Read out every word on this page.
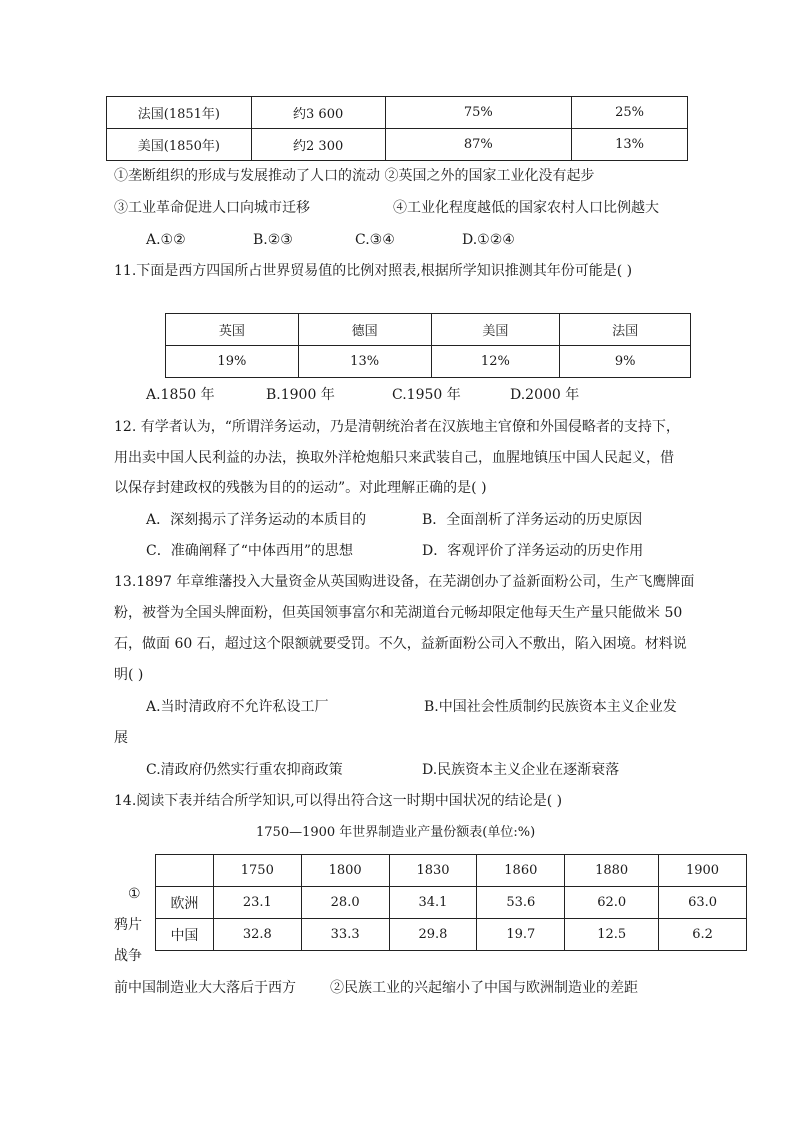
法国(1851年)	约3 600	75%	25%
美国(1850年)	约2 300	87%	13%
①垄断组织的形成与发展推动了人口的流动 ②英国之外的国家工业化没有起步
③工业革命促进人口向城市迁移	④工业化程度越低的国家农村人口比例越大
A.①②	B.②③	C.③④	D.①②④
11.下面是西方四国所占世界贸易值的比例对照表,根据所学知识推测其年份可能是( )
英国	德国	美国	法国
19%	13%	12%	9%
A.1850 年	B.1900 年	C.1950 年	D.2000 年
12. 有学者认为，“所谓洋务运动，乃是清朝统治者在汉族地主官僚和外国侵略者的支持下，
用出卖中国人民利益的办法，换取外洋枪炮船只来武装自己，血腥地镇压中国人民起义，借
以保存封建政权的残骸为目的的运动”。对此理解正确的是( )
A．深刻揭示了洋务运动的本质目的	B．全面剖析了洋务运动的历史原因
C．准确阐释了“中体西用”的思想	D．客观评价了洋务运动的历史作用
13.1897 年章维藩投入大量资金从英国购进设备，在芜湖创办了益新面粉公司，生产飞鹰牌面
粉，被誉为全国头牌面粉，但英国领事富尔和芜湖道台元畅却限定他每天生产量只能做米 50
石，做面 60 石，超过这个限额就要受罚。不久，益新面粉公司入不敷出，陷入困境。材料说
明( )
A.当时清政府不允许私设工厂	B.中国社会性质制约民族资本主义企业发
展
C.清政府仍然实行重农抑商政策	D.民族资本主义企业在逐渐衰落
14.阅读下表并结合所学知识,可以得出符合这一时期中国状况的结论是( )
1750—1900 年世界制造业产量份额表(单位:%)
	1750	1800	1830	1860	1880	1900
欧洲	23.1	28.0	34.1	53.6	62.0	63.0
中国	32.8	33.3	29.8	19.7	12.5	6.2
①
鸦片
战争
前中国制造业大大落后于西方 ②民族工业的兴起缩小了中国与欧洲制造业的差距
